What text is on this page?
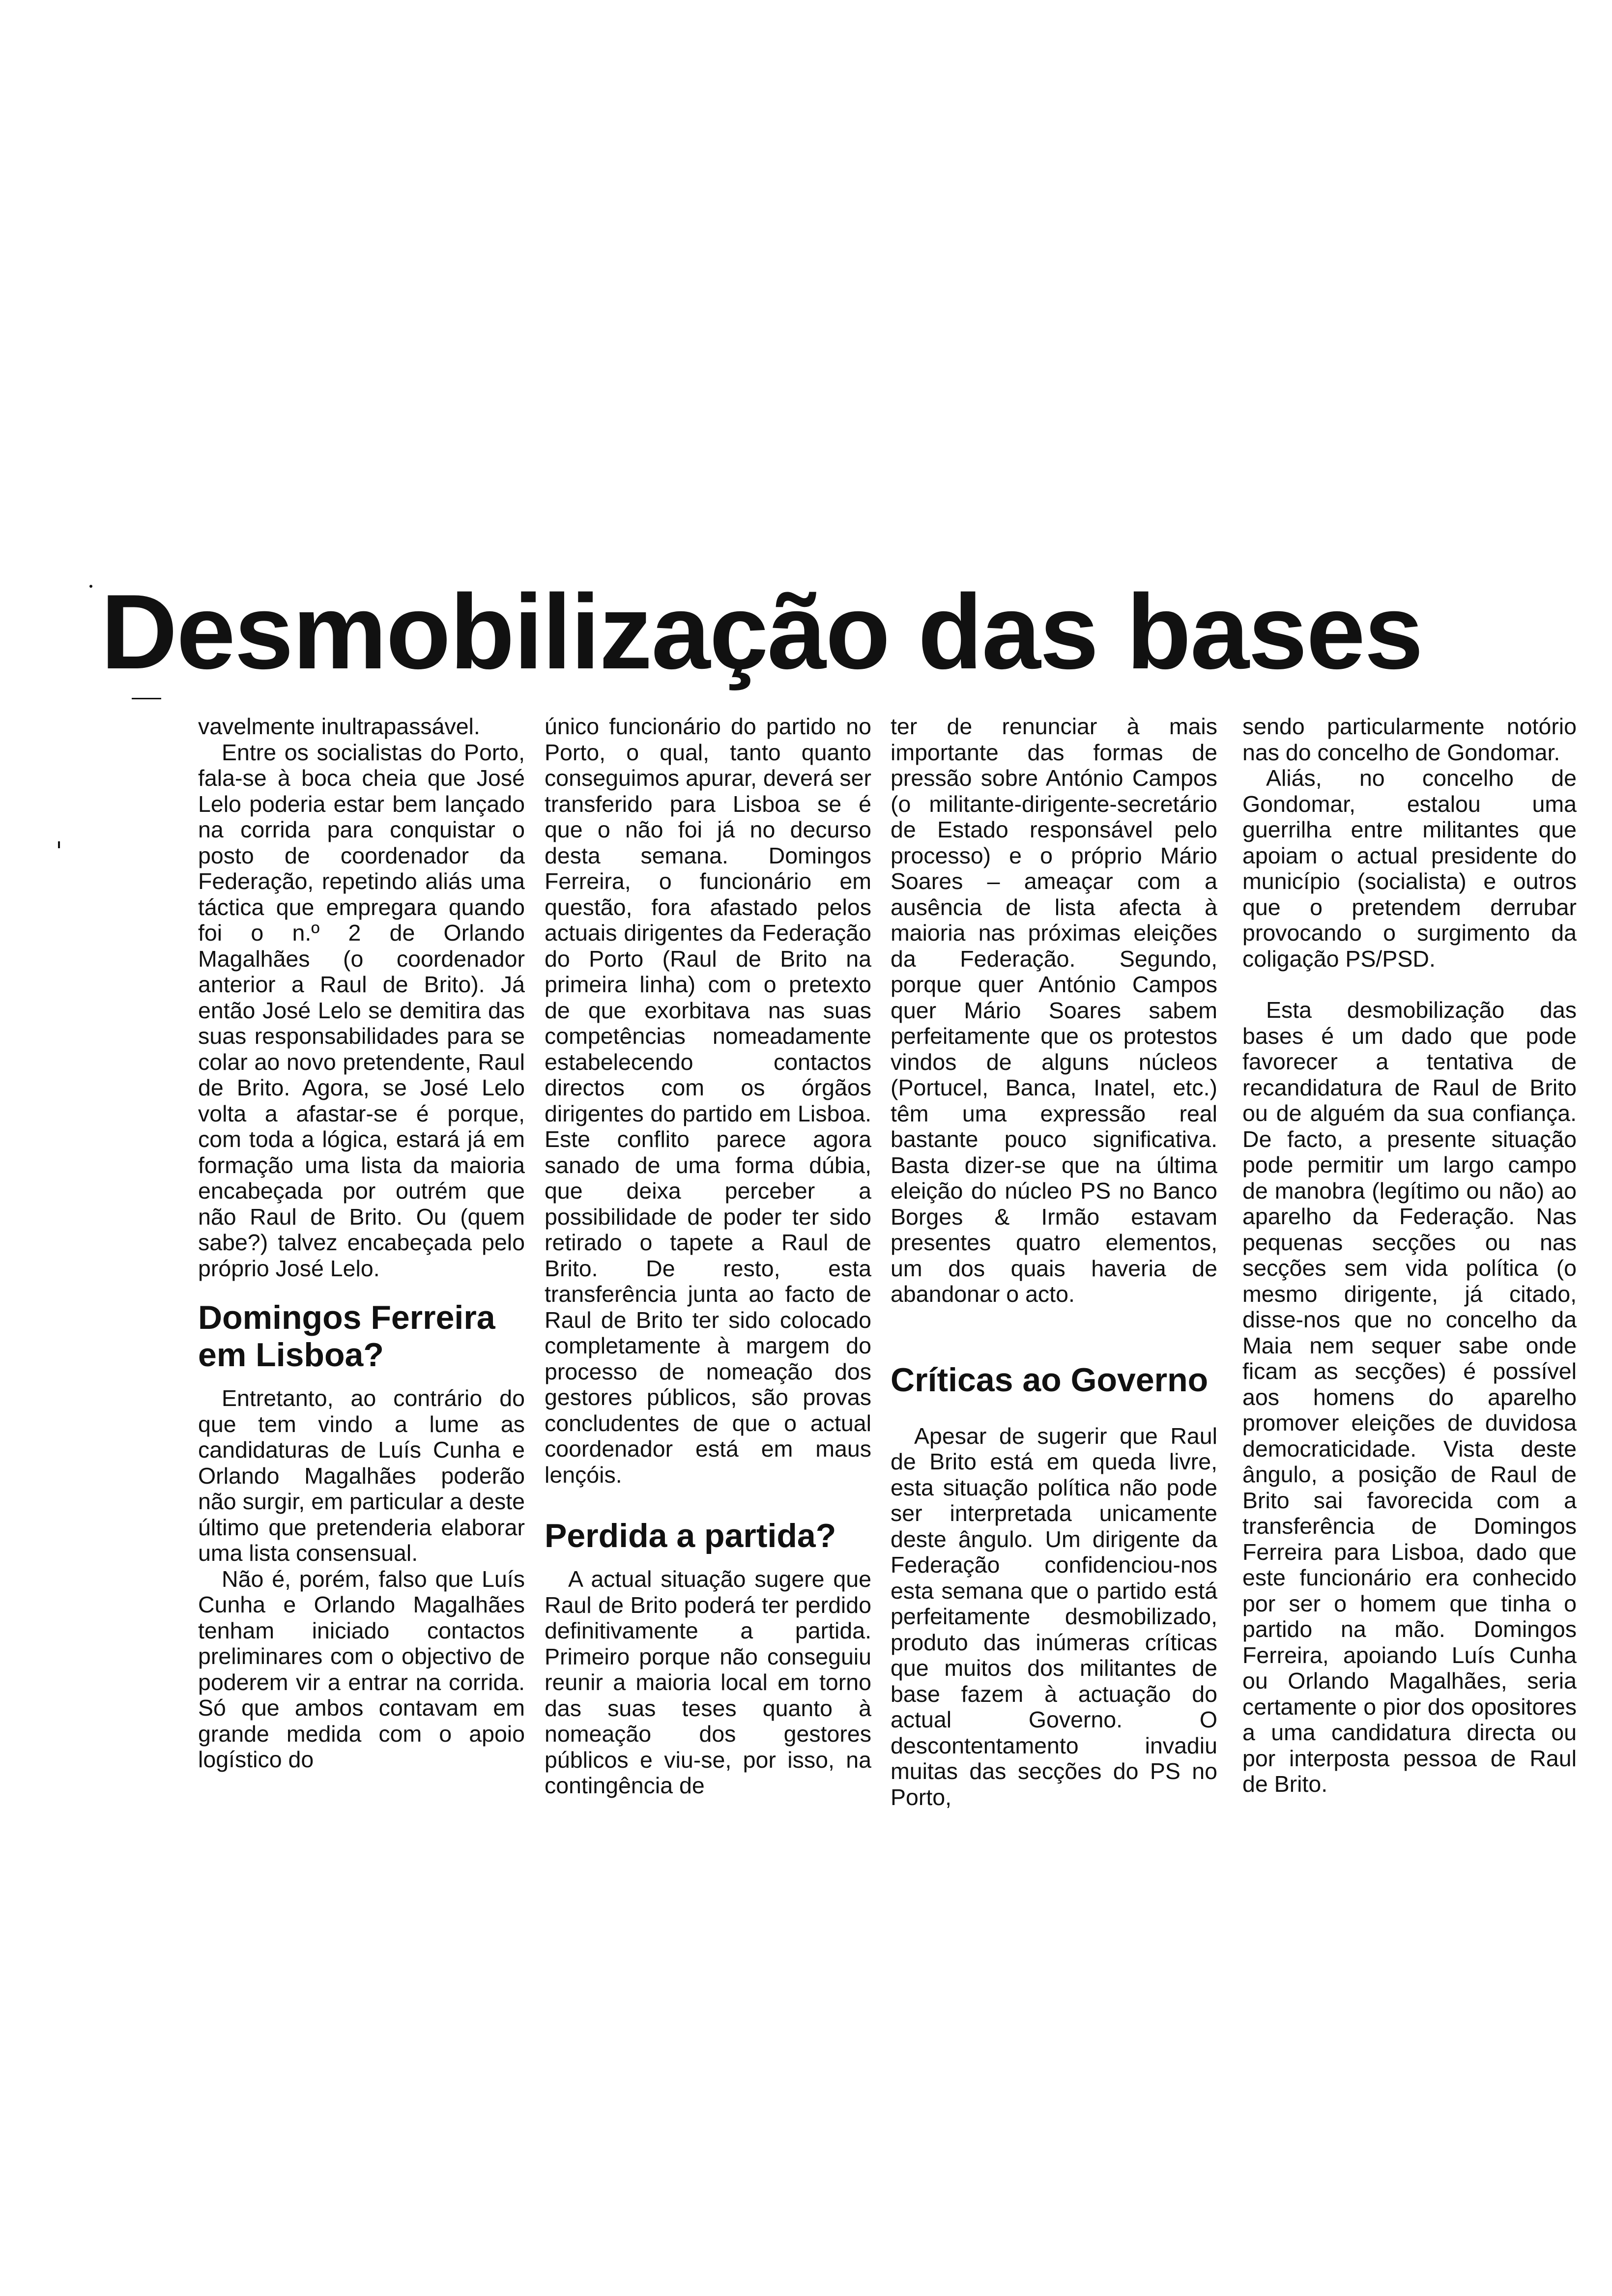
Desmobilização das bases

vavelmente inultrapassável.

Entre os socialistas do Porto, fala-se à boca cheia que José Lelo poderia estar bem lançado na corrida para conquistar o posto de coordenador da Federação, repetindo aliás uma táctica que empregara quando foi o n.º 2 de Orlando Magalhães (o coordenador anterior a Raul de Brito). Já então José Lelo se demitira das suas responsabilidades para se colar ao novo pretendente, Raul de Brito. Agora, se José Lelo volta a afastar-se é porque, com toda a lógica, estará já em formação uma lista da maioria encabeçada por outrém que não Raul de Brito. Ou (quem sabe?) talvez encabeçada pelo próprio José Lelo.

Domingos Ferreira em Lisboa?

Entretanto, ao contrário do que tem vindo a lume as candidaturas de Luís Cunha e Orlando Magalhães poderão não surgir, em particular a deste último que pretenderia elaborar uma lista consensual.

Não é, porém, falso que Luís Cunha e Orlando Magalhães tenham iniciado contactos preliminares com o objectivo de poderem vir a entrar na corrida. Só que ambos contavam em grande medida com o apoio logístico do

único funcionário do partido no Porto, o qual, tanto quanto conseguimos apurar, deverá ser transferido para Lisboa se é que o não foi já no decurso desta semana. Domingos Ferreira, o funcionário em questão, fora afastado pelos actuais dirigentes da Federação do Porto (Raul de Brito na primeira linha) com o pretexto de que exorbitava nas suas competências nomeadamente estabelecendo contactos directos com os órgãos dirigentes do partido em Lisboa. Este conflito parece agora sanado de uma forma dúbia, que deixa perceber a possibilidade de poder ter sido retirado o tapete a Raul de Brito. De resto, esta transferência junta ao facto de Raul de Brito ter sido colocado completamente à margem do processo de nomeação dos gestores públicos, são provas concludentes de que o actual coordenador está em maus lençóis.

Perdida a partida?

A actual situação sugere que Raul de Brito poderá ter perdido definitivamente a partida. Primeiro porque não conseguiu reunir a maioria local em torno das suas teses quanto à nomeação dos gestores públicos e viu-se, por isso, na contingência de

ter de renunciar à mais importante das formas de pressão sobre António Campos (o militante-dirigente-secretário de Estado responsável pelo processo) e o próprio Mário Soares – ameaçar com a ausência de lista afecta à maioria nas próximas eleições da Federação. Segundo, porque quer António Campos quer Mário Soares sabem perfeitamente que os protestos vindos de alguns núcleos (Portucel, Banca, Inatel, etc.) têm uma expressão real bastante pouco significativa. Basta dizer-se que na última eleição do núcleo PS no Banco Borges & Irmão estavam presentes quatro elementos, um dos quais haveria de abandonar o acto.

Críticas ao Governo

Apesar de sugerir que Raul de Brito está em queda livre, esta situação política não pode ser interpretada unicamente deste ângulo. Um dirigente da Federação confidenciou-nos esta semana que o partido está perfeitamente desmobilizado, produto das inúmeras críticas que muitos dos militantes de base fazem à actuação do actual Governo. O descontentamento invadiu muitas das secções do PS no Porto,

sendo particularmente notório nas do concelho de Gondomar.

Aliás, no concelho de Gondomar, estalou uma guerrilha entre militantes que apoiam o actual presidente do município (socialista) e outros que o pretendem derrubar provocando o surgimento da coligação PS/PSD.

Esta desmobilização das bases é um dado que pode favorecer a tentativa de recandidatura de Raul de Brito ou de alguém da sua confiança. De facto, a presente situação pode permitir um largo campo de manobra (legítimo ou não) ao aparelho da Federação. Nas pequenas secções ou nas secções sem vida política (o mesmo dirigente, já citado, disse-nos que no concelho da Maia nem sequer sabe onde ficam as secções) é possível aos homens do aparelho promover eleições de duvidosa democraticidade. Vista deste ângulo, a posição de Raul de Brito sai favorecida com a transferência de Domingos Ferreira para Lisboa, dado que este funcionário era conhecido por ser o homem que tinha o partido na mão. Domingos Ferreira, apoiando Luís Cunha ou Orlando Magalhães, seria certamente o pior dos opositores a uma candidatura directa ou por interposta pessoa de Raul de Brito.
